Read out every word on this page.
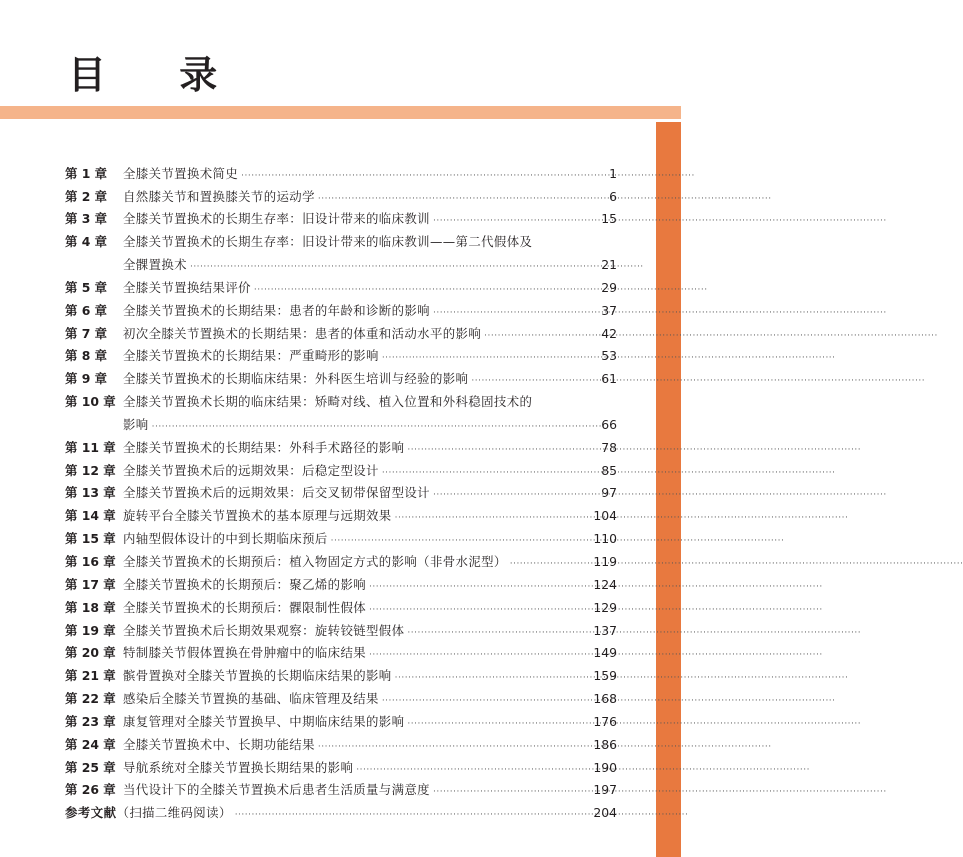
目 录
第 1 章	全膝关节置换术简史 ·····	1
第 2 章	自然膝关节和置换膝关节的运动学 ·····	6
第 3 章	全膝关节置换术的长期生存率：旧设计带来的临床教训 ·····	15
第 4 章	全膝关节置换术的长期生存率：旧设计带来的临床教训——第二代假体及
全髁置换术 ·····	21
第 5 章	全膝关节置换结果评价 ·····	29
第 6 章	全膝关节置换术的长期结果：患者的年龄和诊断的影响 ·····	37
第 7 章	初次全膝关节置换术的长期结果：患者的体重和活动水平的影响 ·····	42
第 8 章	全膝关节置换术的长期结果：严重畸形的影响 ·····	53
第 9 章	全膝关节置换术的长期临床结果：外科医生培训与经验的影响 ·····	61
第 10 章 全膝关节置换术长期的临床结果：矫畸对线、植入位置和外科稳固技术的
影响 ·····	66
第 11 章 全膝关节置换术的长期结果：外科手术路径的影响 ·····	78
第 12 章 全膝关节置换术后的远期效果：后稳定型设计 ·····	85
第 13 章 全膝关节置换术后的远期效果：后交叉韧带保留型设计 ·····	97
第 14 章 旋转平台全膝关节置换术的基本原理与远期效果 ·····	104
第 15 章 内轴型假体设计的中到长期临床预后 ·····	110
第 16 章 全膝关节置换术的长期预后：植入物固定方式的影响（非骨水泥型） ·····	119
第 17 章 全膝关节置换术的长期预后：聚乙烯的影响 ·····	124
第 18 章 全膝关节置换术的长期预后：髁限制性假体 ·····	129
第 19 章 全膝关节置换术后长期效果观察：旋转铰链型假体 ·····	137
第 20 章 特制膝关节假体置换在骨肿瘤中的临床结果 ·····	149
第 21 章 髌骨置换对全膝关节置换的长期临床结果的影响 ·····	159
第 22 章 感染后全膝关节置换的基础、临床管理及结果 ·····	168
第 23 章 康复管理对全膝关节置换早、中期临床结果的影响 ·····	176
第 24 章 全膝关节置换术中、长期功能结果 ·····	186
第 25 章 导航系统对全膝关节置换长期结果的影响 ·····	190
第 26 章 当代设计下的全膝关节置换术后患者生活质量与满意度 ·····	197
参考文献 （扫描二维码阅读） ·····	204
